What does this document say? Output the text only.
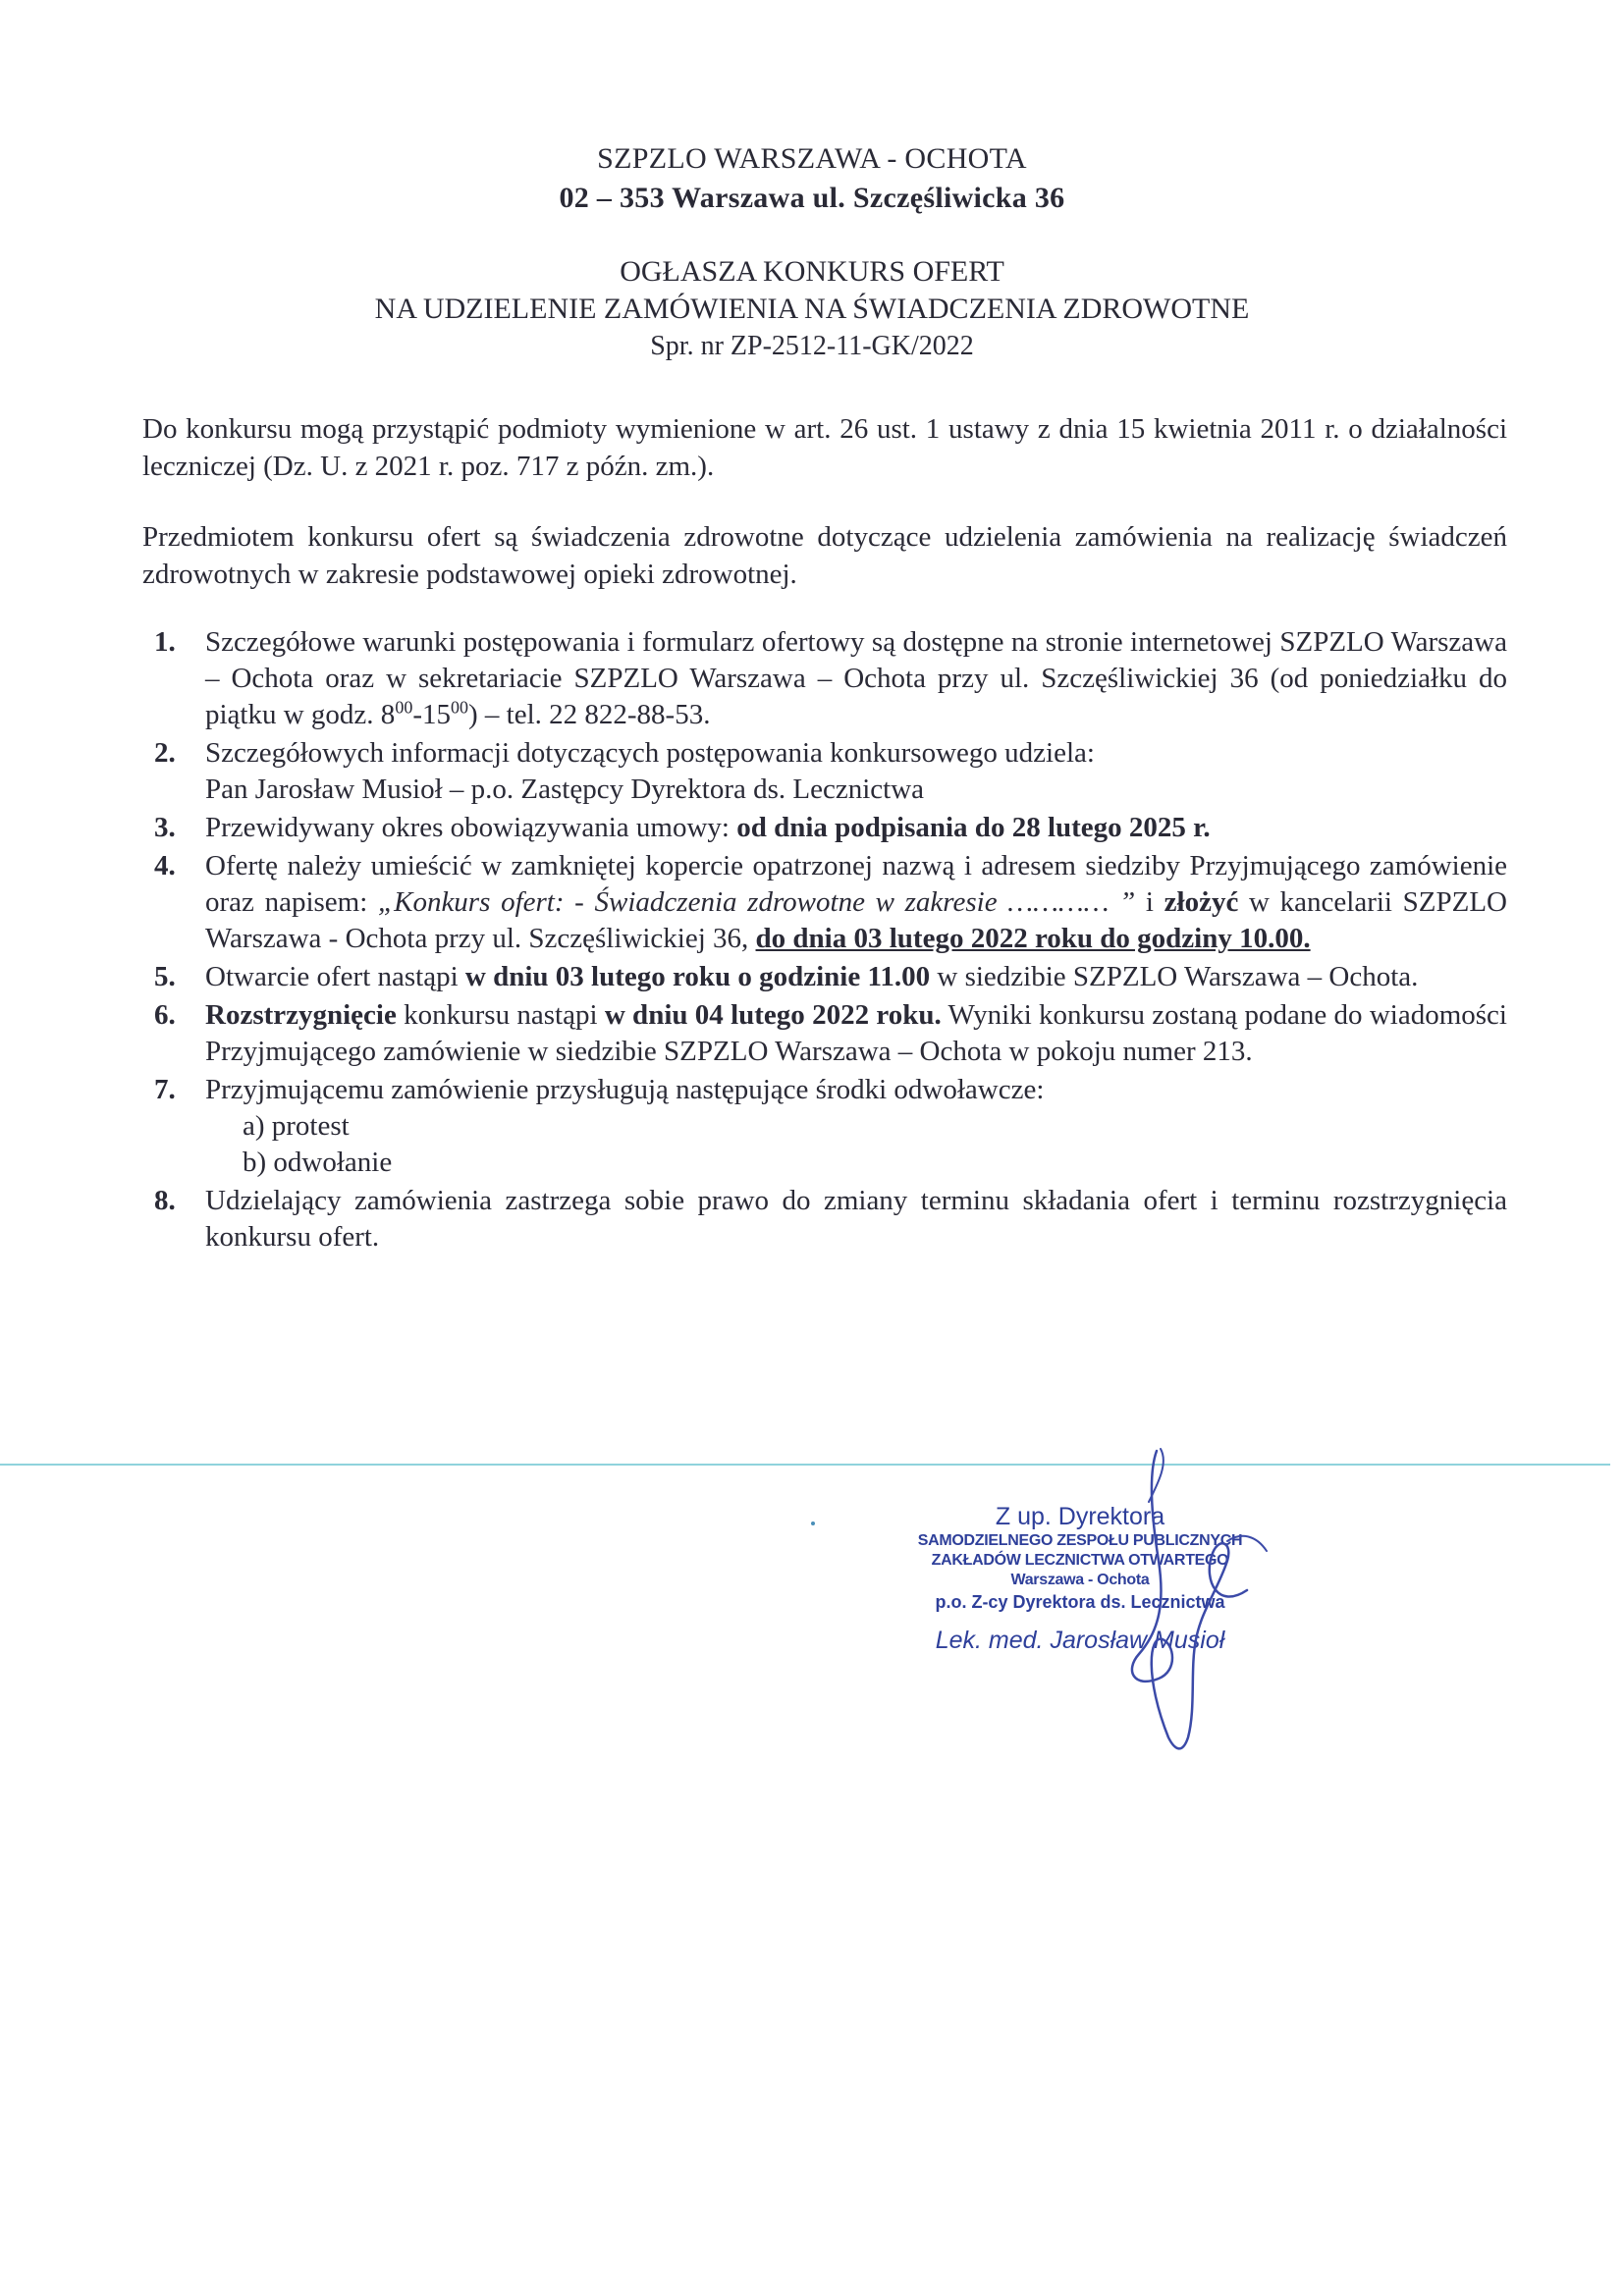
SZPZLO WARSZAWA - OCHOTA
02 – 353 Warszawa ul. Szczęśliwicka 36
OGŁASZA KONKURS OFERT
NA UDZIELENIE ZAMÓWIENIA NA ŚWIADCZENIA ZDROWOTNE
Spr. nr ZP-2512-11-GK/2022
Do konkursu mogą przystąpić podmioty wymienione w art. 26 ust. 1 ustawy z dnia 15 kwietnia 2011 r. o działalności leczniczej (Dz. U. z 2021 r. poz. 717 z późn. zm.).
Przedmiotem konkursu ofert są świadczenia zdrowotne dotyczące udzielenia zamówienia na realizację świadczeń zdrowotnych w zakresie podstawowej opieki zdrowotnej.
1. Szczegółowe warunki postępowania i formularz ofertowy są dostępne na stronie internetowej SZPZLO Warszawa – Ochota oraz w sekretariacie SZPZLO Warszawa – Ochota przy ul. Szczęśliwickiej 36 (od poniedziałku do piątku w godz. $8^{00}-15^{00}$) – tel. 22 822-88-53.
2. Szczegółowych informacji dotyczących postępowania konkursowego udziela:
Pan Jarosław Musioł – p.o. Zastępcy Dyrektora ds. Lecznictwa
3. Przewidywany okres obowiązywania umowy: od dnia podpisania do 28 lutego 2025 r.
4. Ofertę należy umieścić w zamkniętej kopercie opatrzonej nazwą i adresem siedziby Przyjmującego zamówienie oraz napisem: „Konkurs ofert: - Świadczenia zdrowotne w zakresie ………… ” i złożyć w kancelarii SZPZLO Warszawa - Ochota przy ul. Szczęśliwickiej 36, do dnia 03 lutego 2022 roku do godziny 10.00.
5. Otwarcie ofert nastąpi w dniu 03 lutego roku o godzinie 11.00 w siedzibie SZPZLO Warszawa – Ochota.
6. Rozstrzygnięcie konkursu nastąpi w dniu 04 lutego 2022 roku. Wyniki konkursu zostaną podane do wiadomości Przyjmującego zamówienie w siedzibie SZPZLO Warszawa – Ochota w pokoju numer 213.
7. Przyjmującemu zamówienie przysługują następujące środki odwoławcze:
a) protest
b) odwołanie
8. Udzielający zamówienia zastrzega sobie prawo do zmiany terminu składania ofert i terminu rozstrzygnięcia konkursu ofert.
Z up. Dyrektora
SAMODZIELNEGO ZESPOŁU PUBLICZNYCH
ZAKŁADÓW LECZNICTWA OTWARTEGO
Warszawa - Ochota
p.o. Z-cy Dyrektora ds. Lecznictwa
Lek. med. Jarosław Musioł
